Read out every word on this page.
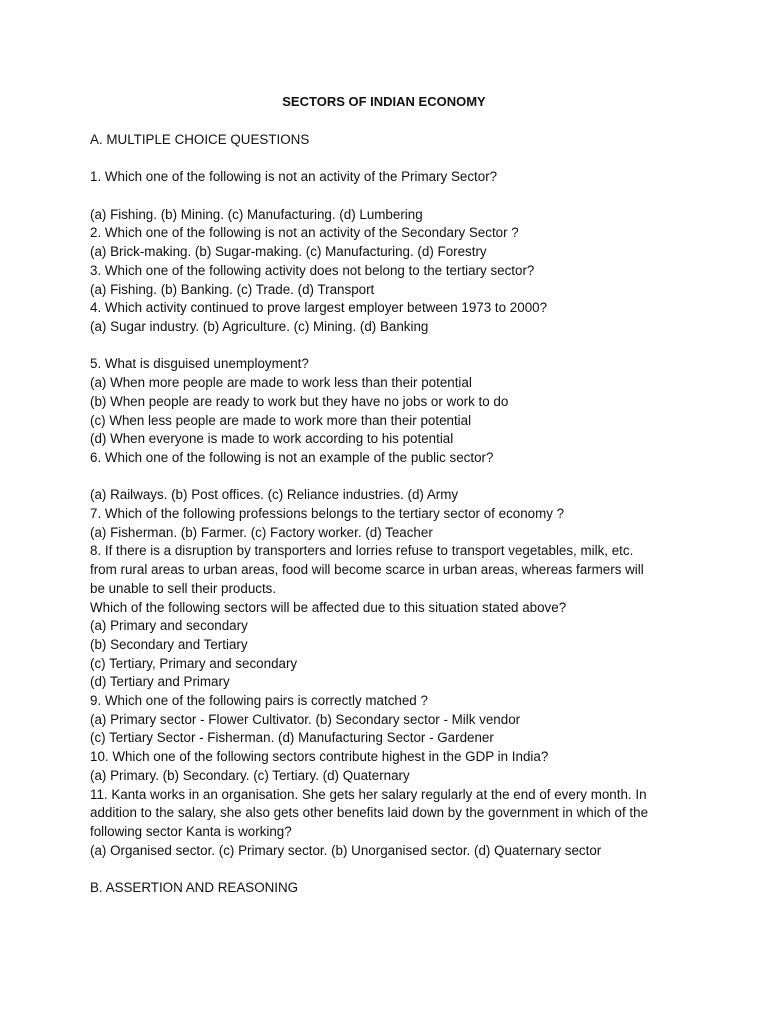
SECTORS OF INDIAN ECONOMY
A. MULTIPLE CHOICE QUESTIONS
1. Which one of the following is not an activity of the Primary Sector?
(a) Fishing. (b) Mining. (c) Manufacturing. (d) Lumbering
2. Which one of the following is not an activity of the Secondary Sector ?
(a) Brick-making. (b) Sugar-making. (c) Manufacturing. (d) Forestry
3. Which one of the following activity does not belong to the tertiary sector?
(a) Fishing. (b) Banking. (c) Trade. (d) Transport
4. Which activity continued to prove largest employer between 1973 to 2000?
(a) Sugar industry. (b) Agriculture. (c) Mining. (d) Banking
5. What is disguised unemployment?
(a) When more people are made to work less than their potential
(b) When people are ready to work but they have no jobs or work to do
(c) When less people are made to work more than their potential
(d) When everyone is made to work according to his potential
6. Which one of the following is not an example of the public sector?
(a) Railways. (b) Post offices. (c) Reliance industries. (d) Army
7. Which of the following professions belongs to the tertiary sector of economy ?
(a) Fisherman. (b) Farmer. (c) Factory worker. (d) Teacher
8. If there is a disruption by transporters and lorries refuse to transport vegetables, milk, etc.
from rural areas to urban areas, food will become scarce in urban areas, whereas farmers will
be unable to sell their products.
Which of the following sectors will be affected due to this situation stated above?
(a) Primary and secondary
(b) Secondary and Tertiary
(c) Tertiary, Primary and secondary
(d) Tertiary and Primary
9. Which one of the following pairs is correctly matched ?
(a) Primary sector - Flower Cultivator. (b) Secondary sector - Milk vendor
(c) Tertiary Sector - Fisherman. (d) Manufacturing Sector - Gardener
10. Which one of the following sectors contribute highest in the GDP in India?
(a) Primary. (b) Secondary. (c) Tertiary. (d) Quaternary
11. Kanta works in an organisation. She gets her salary regularly at the end of every month. In
addition to the salary, she also gets other benefits laid down by the government in which of the
following sector Kanta is working?
(a) Organised sector. (c) Primary sector. (b) Unorganised sector. (d) Quaternary sector
B. ASSERTION AND REASONING
